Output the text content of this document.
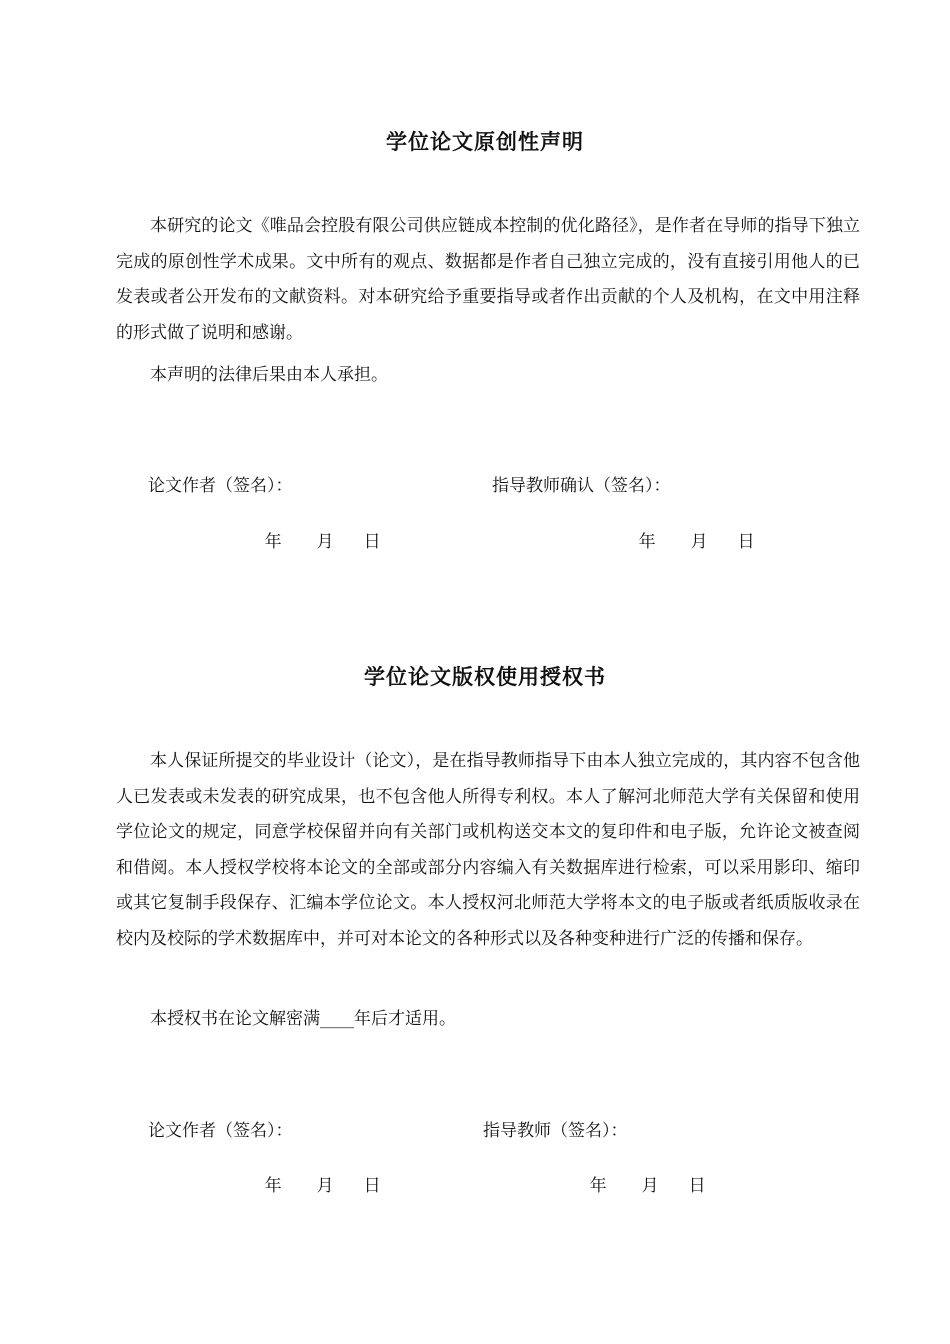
学位论文原创性声明

本研究的论文《唯品会控股有限公司供应链成本控制的优化路径》，是作者在导师的指导下独立完成的原创性学术成果。文中所有的观点、数据都是作者自己独立完成的，没有直接引用他人的已发表或者公开发布的文献资料。对本研究给予重要指导或者作出贡献的个人及机构，在文中用注释的形式做了说明和感谢。

本声明的法律后果由本人承担。

论文作者（签名）：	指导教师确认（签名）：

年 月 日
	年 月 日

学位论文版权使用授权书

本人保证所提交的毕业设计（论文），是在指导教师指导下由本人独立完成的，其内容不包含他人已发表或未发表的研究成果，也不包含他人所得专利权。本人了解河北师范大学有关保留和使用学位论文的规定，同意学校保留并向有关部门或机构送交本文的复印件和电子版，允许论文被查阅和借阅。本人授权学校将本论文的全部或部分内容编入有关数据库进行检索，可以采用影印、缩印或其它复制手段保存、汇编本学位论文。本人授权河北师范大学将本文的电子版或者纸质版收录在校内及校际的学术数据库中，并可对本论文的各种形式以及各种变种进行广泛的传播和保存。

本授权书在论文解密满____年后才适用。

论文作者（签名）：	指导教师（签名）：

年 月 日
	年 月 日
